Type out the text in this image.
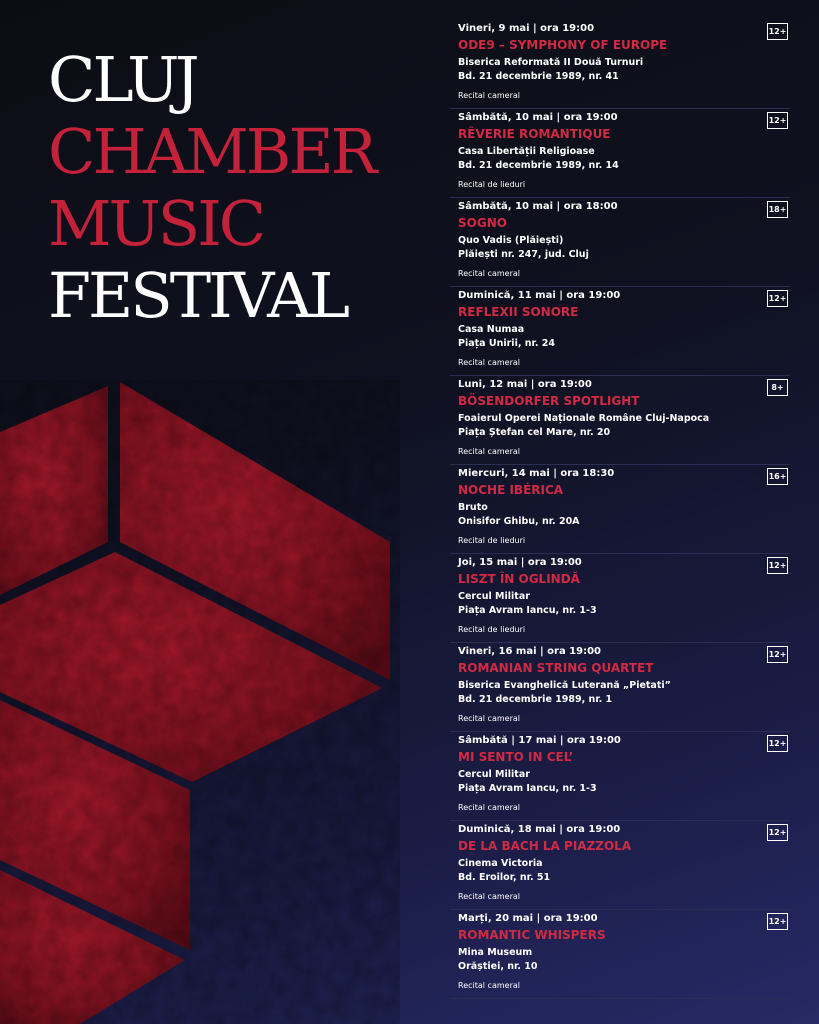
CLUJ
CHAMBER
MUSIC
FESTIVAL
Vineri, 9 mai | ora 19:00
ODE9 – SYMPHONY OF EUROPE
Biserica Reformată II Două Turnuri
Bd. 21 decembrie 1989, nr. 41
Recital cameral
12+
Sâmbătă, 10 mai | ora 19:00
RÊVERIE ROMANTIQUE
Casa Libertății Religioase
Bd. 21 decembrie 1989, nr. 14
Recital de lieduri
12+
Sâmbătă, 10 mai | ora 18:00
SOGNO
Quo Vadis (Plăiești)
Plăiești nr. 247, jud. Cluj
Recital cameral
18+
Duminică, 11 mai | ora 19:00
REFLEXII SONORE
Casa Numaa
Piața Unirii, nr. 24
Recital cameral
12+
Luni, 12 mai | ora 19:00
BÖSENDORFER SPOTLIGHT
Foaierul Operei Naționale Române Cluj-Napoca
Piața Ștefan cel Mare, nr. 20
Recital cameral
8+
Miercuri, 14 mai | ora 18:30
NOCHE IBÉRICA
Bruto
Onisifor Ghibu, nr. 20A
Recital de lieduri
16+
Joi, 15 mai | ora 19:00
LISZT ÎN OGLINDĂ
Cercul Militar
Piața Avram Iancu, nr. 1-3
Recital de lieduri
12+
Vineri, 16 mai | ora 19:00
ROMANIAN STRING QUARTET
Biserica Evanghelică Luterană „Pietati”
Bd. 21 decembrie 1989, nr. 1
Recital cameral
12+
Sâmbătă | 17 mai | ora 19:00
MI SENTO IN CEL’
Cercul Militar
Piața Avram Iancu, nr. 1-3
Recital cameral
12+
Duminică, 18 mai | ora 19:00
DE LA BACH LA PIAZZOLA
Cinema Victoria
Bd. Eroilor, nr. 51
Recital cameral
12+
Marți, 20 mai | ora 19:00
ROMANTIC WHISPERS
Mina Museum
Orăștiei, nr. 10
Recital cameral
12+
